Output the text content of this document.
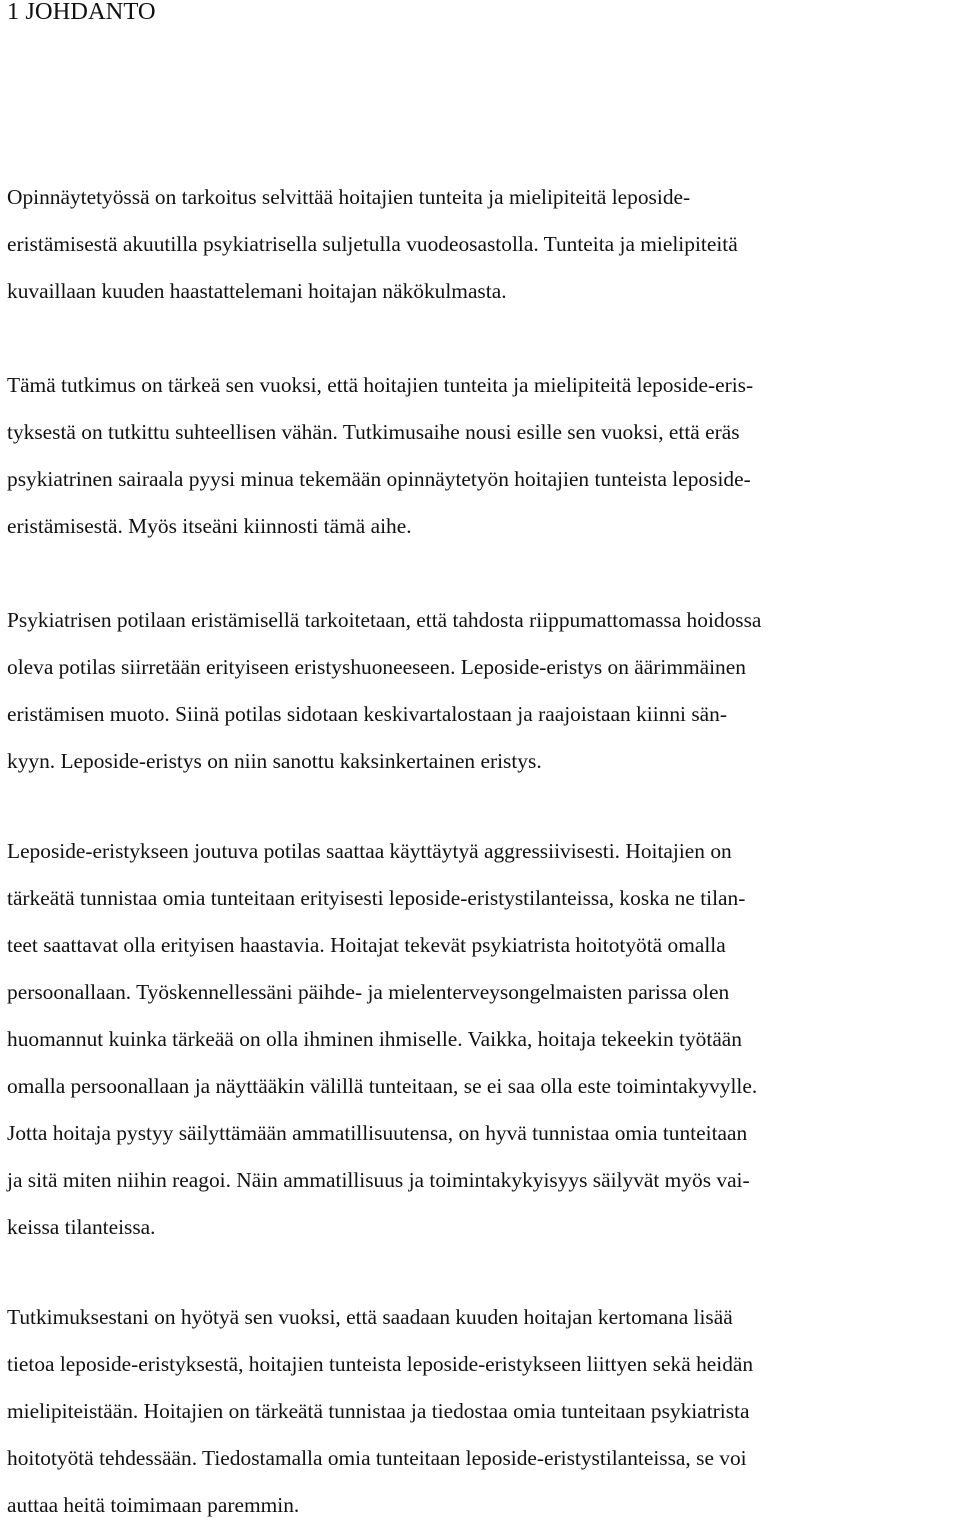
1 JOHDANTO

Opinnäytetyössä on tarkoitus selvittää hoitajien tunteita ja mielipiteitä leposide-
eristämisestä akuutilla psykiatrisella suljetulla vuodeosastolla. Tunteita ja mielipiteitä
kuvaillaan kuuden haastattelemani hoitajan näkökulmasta.

Tämä tutkimus on tärkeä sen vuoksi, että hoitajien tunteita ja mielipiteitä leposide-eris-
tyksestä on tutkittu suhteellisen vähän. Tutkimusaihe nousi esille sen vuoksi, että eräs
psykiatrinen sairaala pyysi minua tekemään opinnäytetyön hoitajien tunteista leposide-
eristämisestä. Myös itseäni kiinnosti tämä aihe.

Psykiatrisen potilaan eristämisellä tarkoitetaan, että tahdosta riippumattomassa hoidossa
oleva potilas siirretään erityiseen eristyshuoneeseen. Leposide-eristys on äärimmäinen
eristämisen muoto. Siinä potilas sidotaan keskivartalostaan ja raajoistaan kiinni sän-
kyyn. Leposide-eristys on niin sanottu kaksinkertainen eristys.

Leposide-eristykseen joutuva potilas saattaa käyttäytyä aggressiivisesti. Hoitajien on
tärkeätä tunnistaa omia tunteitaan erityisesti leposide-eristystilanteissa, koska ne tilan-
teet saattavat olla erityisen haastavia. Hoitajat tekevät psykiatrista hoitotyötä omalla
persoonallaan. Työskennellessäni päihde- ja mielenterveysongelmaisten parissa olen
huomannut kuinka tärkeää on olla ihminen ihmiselle. Vaikka, hoitaja tekeekin työtään
omalla persoonallaan ja näyttääkin välillä tunteitaan, se ei saa olla este toimintakyvylle.
Jotta hoitaja pystyy säilyttämään ammatillisuutensa, on hyvä tunnistaa omia tunteitaan
ja sitä miten niihin reagoi. Näin ammatillisuus ja toimintakykyisyys säilyvät myös vai-
keissa tilanteissa.

Tutkimuksestani on hyötyä sen vuoksi, että saadaan kuuden hoitajan kertomana lisää
tietoa leposide-eristyksestä, hoitajien tunteista leposide-eristykseen liittyen sekä heidän
mielipiteistään. Hoitajien on tärkeätä tunnistaa ja tiedostaa omia tunteitaan psykiatrista
hoitotyötä tehdessään. Tiedostamalla omia tunteitaan leposide-eristystilanteissa, se voi
auttaa heitä toimimaan paremmin.
